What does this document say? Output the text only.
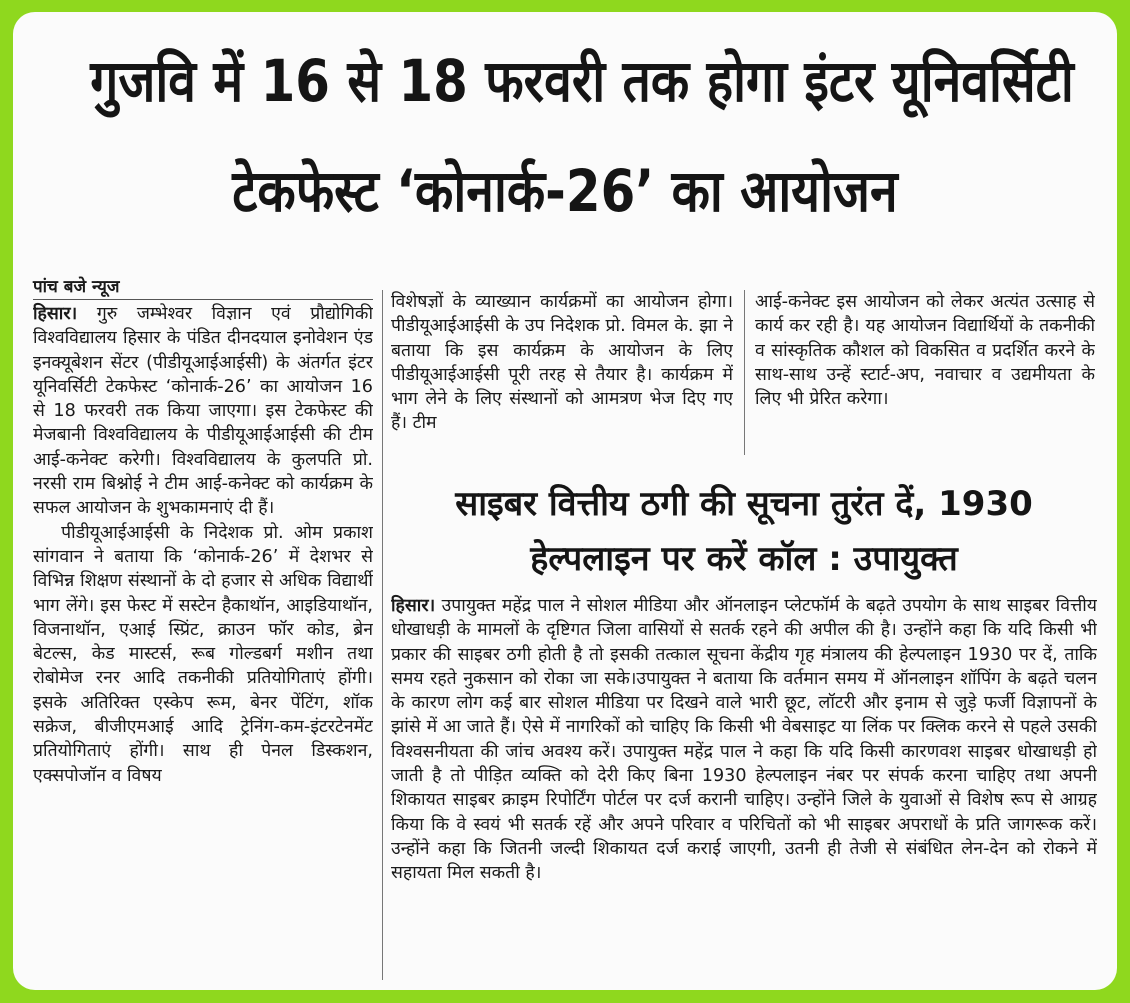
गुजवि में 16 से 18 फरवरी तक होगा इंटर यूनिवर्सिटी
टेकफेस्ट ‘कोनार्क-26’ का आयोजन
पांच बजे न्यूज

हिसार। गुरु जम्भेश्वर विज्ञान एवं प्रौद्योगिकी विश्वविद्यालय हिसार के पंडित दीनदयाल इनोवेशन एंड इनक्यूबेशन सेंटर (पीडीयूआईआईसी) के अंतर्गत इंटर यूनिवर्सिटी टेकफेस्ट ‘कोनार्क-26’ का आयोजन 16 से 18 फरवरी तक किया जाएगा। इस टेकफेस्ट की मेजबानी विश्वविद्यालय के पीडीयूआईआईसी की टीम आई-कनेक्ट करेगी। विश्वविद्यालय के कुलपति प्रो. नरसी राम बिश्नोई ने टीम आई-कनेक्ट को कार्यक्रम के सफल आयोजन के शुभकामनाएं दी हैं।

पीडीयूआईआईसी के निदेशक प्रो. ओम प्रकाश सांगवान ने बताया कि ‘कोनार्क-26’ में देशभर से विभिन्न शिक्षण संस्थानों के दो हजार से अधिक विद्यार्थी भाग लेंगे। इस फेस्ट में सस्टेन हैकाथॉन, आइडियाथॉन, विजनाथॉन, एआई स्प्रिंट, क्राउन फॉर कोड, ब्रेन बेटल्स, केड मास्टर्स, रूब गोल्डबर्ग मशीन तथा रोबोमेज रनर आदि तकनीकी प्रतियोगिताएं होंगी। इसके अतिरिक्त एस्केप रूम, बेनर पेंटिंग, शॉक सक्रेज, बीजीएमआई आदि ट्रेनिंग-कम-इंटरटेनमेंट प्रतियोगिताएं होंगी। साथ ही पेनल डिस्कशन, एक्सपोजॉन व विषय

विशेषज्ञों के व्याख्यान कार्यक्रमों का आयोजन होगा। पीडीयूआईआईसी के उप निदेशक प्रो. विमल के. झा ने बताया कि इस कार्यक्रम के आयोजन के लिए पीडीयूआईआईसी पूरी तरह से तैयार है। कार्यक्रम में भाग लेने के लिए संस्थानों को आमत्रण भेज दिए गए हैं। टीम

आई-कनेक्ट इस आयोजन को लेकर अत्यंत उत्साह से कार्य कर रही है। यह आयोजन विद्यार्थियों के तकनीकी व सांस्कृतिक कौशल को विकसित व प्रदर्शित करने के साथ-साथ उन्हें स्टार्ट-अप, नवाचार व उद्यमीयता के लिए भी प्रेरित करेगा।

साइबर वित्तीय ठगी की सूचना तुरंत दें, 1930
हेल्पलाइन पर करें कॉल : उपायुक्त

हिसार। उपायुक्त महेंद्र पाल ने सोशल मीडिया और ऑनलाइन प्लेटफॉर्म के बढ़ते उपयोग के साथ साइबर वित्तीय धोखाधड़ी के मामलों के दृष्टिगत जिला वासियों से सतर्क रहने की अपील की है। उन्होंने कहा कि यदि किसी भी प्रकार की साइबर ठगी होती है तो इसकी तत्काल सूचना केंद्रीय गृह मंत्रालय की हेल्पलाइन 1930 पर दें, ताकि समय रहते नुकसान को रोका जा सके।उपायुक्त ने बताया कि वर्तमान समय में ऑनलाइन शॉपिंग के बढ़ते चलन के कारण लोग कई बार सोशल मीडिया पर दिखने वाले भारी छूट, लॉटरी और इनाम से जुड़े फर्जी विज्ञापनों के झांसे में आ जाते हैं। ऐसे में नागरिकों को चाहिए कि किसी भी वेबसाइट या लिंक पर क्लिक करने से पहले उसकी विश्वसनीयता की जांच अवश्य करें। उपायुक्त महेंद्र पाल ने कहा कि यदि किसी कारणवश साइबर धोखाधड़ी हो जाती है तो पीड़ित व्यक्ति को देरी किए बिना 1930 हेल्पलाइन नंबर पर संपर्क करना चाहिए तथा अपनी शिकायत साइबर क्राइम रिपोर्टिंग पोर्टल पर दर्ज करानी चाहिए। उन्होंने जिले के युवाओं से विशेष रूप से आग्रह किया कि वे स्वयं भी सतर्क रहें और अपने परिवार व परिचितों को भी साइबर अपराधों के प्रति जागरूक करें। उन्होंने कहा कि जितनी जल्दी शिकायत दर्ज कराई जाएगी, उतनी ही तेजी से संबंधित लेन-देन को रोकने में सहायता मिल सकती है।
